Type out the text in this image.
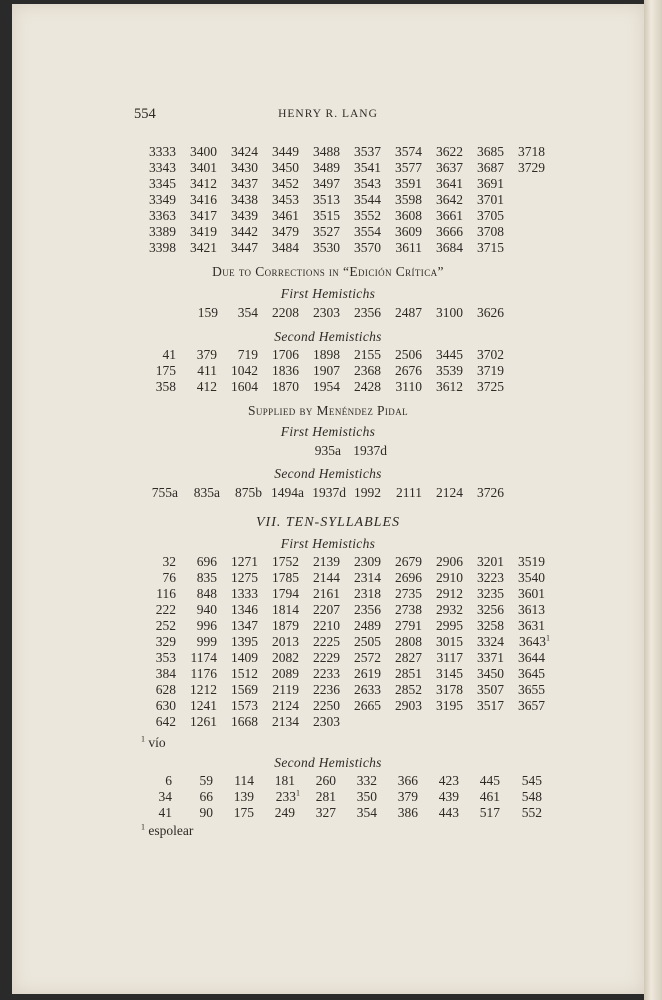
554	HENRY R. LANG
3333 3400 3424 3449 3488 3537 3574 3622 3685 3718
3343 3401 3430 3450 3489 3541 3577 3637 3687 3729
3345 3412 3437 3452 3497 3543 3591 3641 3691
3349 3416 3438 3453 3513 3544 3598 3642 3701
3363 3417 3439 3461 3515 3552 3608 3661 3705
3389 3419 3442 3479 3527 3554 3609 3666 3708
3398 3421 3447 3484 3530 3570 3611 3684 3715
Due to Corrections in “Edición Crítica”
First Hemistichs
159 354 2208 2303 2356 2487 3100 3626
Second Hemistichs
41 379 719 1706 1898 2155 2506 3445 3702
175 411 1042 1836 1907 2368 2676 3539 3719
358 412 1604 1870 1954 2428 3110 3612 3725
Supplied by Menéndez Pidal
First Hemistichs
935a 1937d
Second Hemistichs
755a 835a 875b 1494a 1937d 1992 2111 2124 3726
VII. TEN-SYLLABLES
First Hemistichs
32 696 1271 1752 2139 2309 2679 2906 3201 3519
76 835 1275 1785 2144 2314 2696 2910 3223 3540
116 848 1333 1794 2161 2318 2735 2912 3235 3601
222 940 1346 1814 2207 2356 2738 2932 3256 3613
252 996 1347 1879 2210 2489 2791 2995 3258 3631
329 999 1395 2013 2225 2505 2808 3015 3324 3643$^1$
353 1174 1409 2082 2229 2572 2827 3117 3371 3644
384 1176 1512 2089 2233 2619 2851 3145 3450 3645
628 1212 1569 2119 2236 2633 2852 3178 3507 3655
630 1241 1573 2124 2250 2665 2903 3195 3517 3657
642 1261 1668 2134 2303
$^1$ vío
Second Hemistichs
6 59 114 181 260 332 366 423 445 545
34 66 139 $233^1$ 281 350 379 439 461 548
41 90 175 249 327 354 386 443 517 552
$^1$ espolear
